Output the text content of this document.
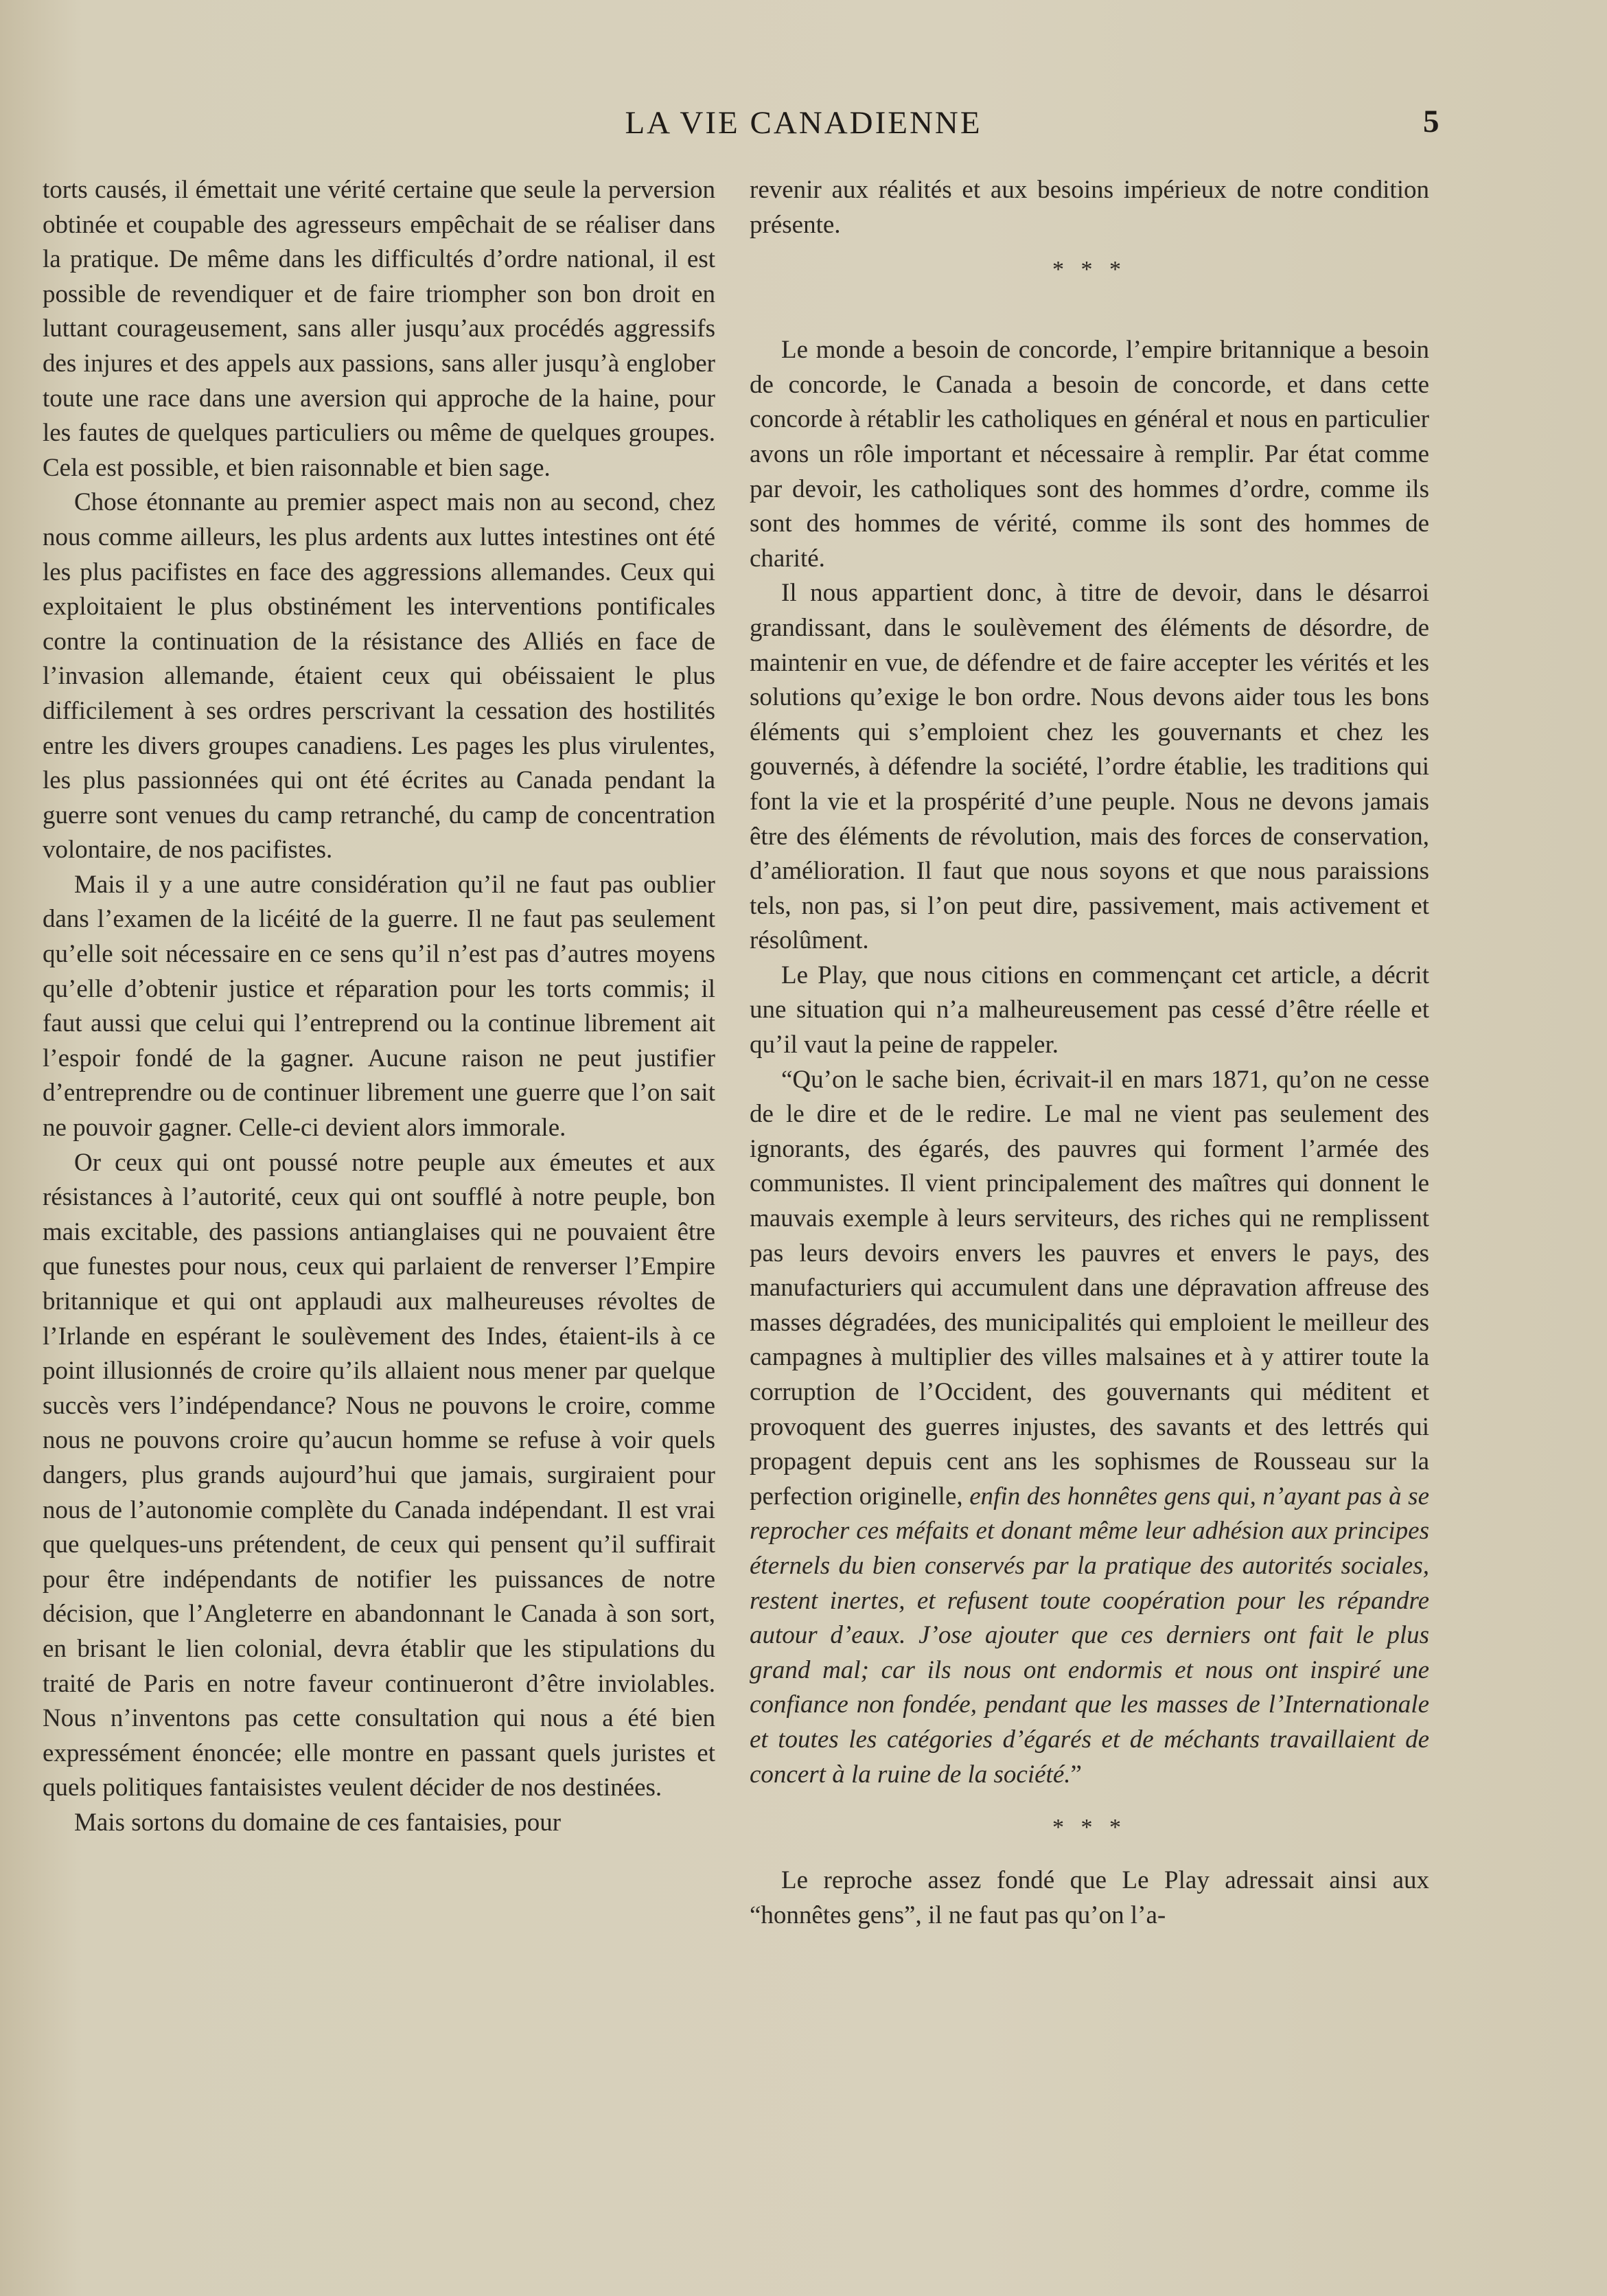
LA VIE CANADIENNE	5

torts causés, il émettait une vérité certaine que seule la perversion obtinée et coupable des agresseurs empêchait de se réaliser dans la pratique. De même dans les difficultés d’ordre national, il est possible de revendiquer et de faire triompher son bon droit en luttant courageusement, sans aller jusqu’aux procédés aggressifs des injures et des appels aux passions, sans aller jusqu’à englober toute une race dans une aversion qui approche de la haine, pour les fautes de quelques particuliers ou même de quelques groupes. Cela est possible, et bien raisonnable et bien sage.

Chose étonnante au premier aspect mais non au second, chez nous comme ailleurs, les plus ardents aux luttes intestines ont été les plus pacifistes en face des aggressions allemandes. Ceux qui exploitaient le plus obstinément les interventions pontificales contre la continuation de la résistance des Alliés en face de l’invasion allemande, étaient ceux qui obéissaient le plus difficilement à ses ordres perscrivant la cessation des hostilités entre les divers groupes canadiens. Les pages les plus virulentes, les plus passionnées qui ont été écrites au Canada pendant la guerre sont venues du camp retranché, du camp de concentration volontaire, de nos pacifistes.

Mais il y a une autre considération qu’il ne faut pas oublier dans l’examen de la licéité de la guerre. Il ne faut pas seulement qu’elle soit nécessaire en ce sens qu’il n’est pas d’autres moyens qu’elle d’obtenir justice et réparation pour les torts commis; il faut aussi que celui qui l’entreprend ou la continue librement ait l’espoir fondé de la gagner. Aucune raison ne peut justifier d’entreprendre ou de continuer librement une guerre que l’on sait ne pouvoir gagner. Celle-ci devient alors immorale.

Or ceux qui ont poussé notre peuple aux émeutes et aux résistances à l’autorité, ceux qui ont soufflé à notre peuple, bon mais excitable, des passions antianglaises qui ne pouvaient être que funestes pour nous, ceux qui parlaient de renverser l’Empire britannique et qui ont applaudi aux malheureuses révoltes de l’Irlande en espérant le soulèvement des Indes, étaient-ils à ce point illusionnés de croire qu’ils allaient nous mener par quelque succès vers l’indépendance? Nous ne pouvons le croire, comme nous ne pouvons croire qu’aucun homme se refuse à voir quels dangers, plus grands aujourd’hui que jamais, surgiraient pour nous de l’autonomie complète du Canada indépendant. Il est vrai que quelques-uns prétendent, de ceux qui pensent qu’il suffirait pour être indépendants de notifier les puissances de notre décision, que l’Angleterre en abandonnant le Canada à son sort, en brisant le lien colonial, devra établir que les stipulations du traité de Paris en notre faveur continueront d’être inviolables. Nous n’inventons pas cette consultation qui nous a été bien expressément énoncée; elle montre en passant quels juristes et quels politiques fantaisistes veulent décider de nos destinées.

Mais sortons du domaine de ces fantaisies, pour

revenir aux réalités et aux besoins impérieux de notre condition présente.

* * *

Le monde a besoin de concorde, l’empire britannique a besoin de concorde, le Canada a besoin de concorde, et dans cette concorde à rétablir les catholiques en général et nous en particulier avons un rôle important et nécessaire à remplir. Par état comme par devoir, les catholiques sont des hommes d’ordre, comme ils sont des hommes de vérité, comme ils sont des hommes de charité.

Il nous appartient donc, à titre de devoir, dans le désarroi grandissant, dans le soulèvement des éléments de désordre, de maintenir en vue, de défendre et de faire accepter les vérités et les solutions qu’exige le bon ordre. Nous devons aider tous les bons éléments qui s’emploient chez les gouvernants et chez les gouvernés, à défendre la société, l’ordre établie, les traditions qui font la vie et la prospérité d’une peuple. Nous ne devons jamais être des éléments de révolution, mais des forces de conservation, d’amélioration. Il faut que nous soyons et que nous paraissions tels, non pas, si l’on peut dire, passivement, mais activement et résolûment.

Le Play, que nous citions en commençant cet article, a décrit une situation qui n’a malheureusement pas cessé d’être réelle et qu’il vaut la peine de rappeler.

“Qu’on le sache bien, écrivait-il en mars 1871, qu’on ne cesse de le dire et de le redire. Le mal ne vient pas seulement des ignorants, des égarés, des pauvres qui forment l’armée des communistes. Il vient principalement des maîtres qui donnent le mauvais exemple à leurs serviteurs, des riches qui ne remplissent pas leurs devoirs envers les pauvres et envers le pays, des manufacturiers qui accumulent dans une dépravation affreuse des masses dégradées, des municipalités qui emploient le meilleur des campagnes à multiplier des villes malsaines et à y attirer toute la corruption de l’Occident, des gouvernants qui méditent et provoquent des guerres injustes, des savants et des lettrés qui propagent depuis cent ans les sophismes de Rousseau sur la perfection originelle, enfin des honnêtes gens qui, n’ayant pas à se reprocher ces méfaits et donant même leur adhésion aux principes éternels du bien conservés par la pratique des autorités sociales, restent inertes, et refusent toute coopération pour les répandre autour d’eaux. J’ose ajouter que ces derniers ont fait le plus grand mal; car ils nous ont endormis et nous ont inspiré une confiance non fondée, pendant que les masses de l’Internationale et toutes les catégories d’égarés et de méchants travaillaient de concert à la ruine de la société.”

* * *

Le reproche assez fondé que Le Play adressait ainsi aux “honnêtes gens”, il ne faut pas qu’on l’a-
